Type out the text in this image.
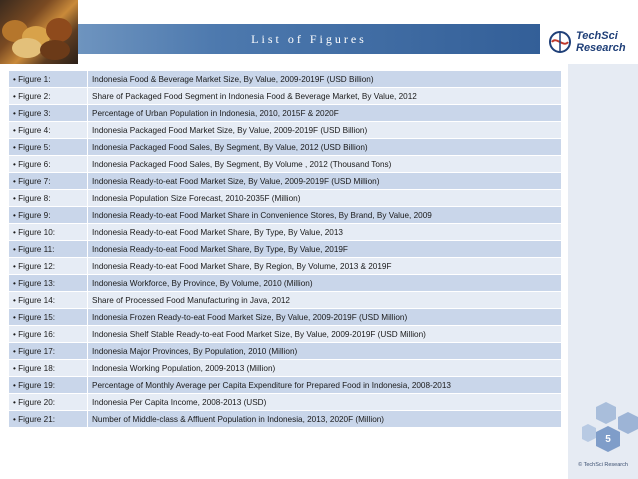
List of Figures	TechSci
Research
• Figure 1:	Indonesia Food & Beverage Market Size, By Value, 2009-2019F (USD Billion)
• Figure 2:	Share of Packaged Food Segment in Indonesia Food & Beverage Market, By Value, 2012
• Figure 3:	Percentage of Urban Population in Indonesia, 2010, 2015F & 2020F
• Figure 4:	Indonesia Packaged Food Market Size, By Value, 2009-2019F (USD Billion)
• Figure 5:	Indonesia Packaged Food Sales, By Segment, By Value, 2012 (USD Billion)
• Figure 6:	Indonesia Packaged Food Sales, By Segment, By Volume , 2012 (Thousand Tons)
• Figure 7:	Indonesia Ready-to-eat Food Market Size, By Value, 2009-2019F (USD Million)
• Figure 8:	Indonesia Population Size Forecast, 2010-2035F (Million)
• Figure 9:	Indonesia Ready-to-eat Food Market Share in Convenience Stores, By Brand, By Value, 2009
• Figure 10:	Indonesia Ready-to-eat Food Market Share, By Type, By Value, 2013
• Figure 11:	Indonesia Ready-to-eat Food Market Share, By Type, By Value, 2019F
• Figure 12:	Indonesia Ready-to-eat Food Market Share, By Region, By Volume, 2013 & 2019F
• Figure 13:	Indonesia Workforce, By Province, By Volume, 2010 (Million)
• Figure 14:	Share of Processed Food Manufacturing in Java, 2012
• Figure 15:	Indonesia Frozen Ready-to-eat Food Market Size, By Value, 2009-2019F (USD Million)
• Figure 16:	Indonesia Shelf Stable Ready-to-eat Food Market Size, By Value, 2009-2019F (USD Million)
• Figure 17:	Indonesia Major Provinces, By Population, 2010 (Million)
• Figure 18:	Indonesia Working Population, 2009-2013 (Million)
• Figure 19:	Percentage of Monthly Average per Capita Expenditure for Prepared Food in Indonesia, 2008-2013
• Figure 20:	Indonesia Per Capita Income, 2008-2013 (USD)
• Figure 21:	Number of Middle-class & Affluent Population in Indonesia, 2013, 2020F (Million)
5
© TechSci Research
